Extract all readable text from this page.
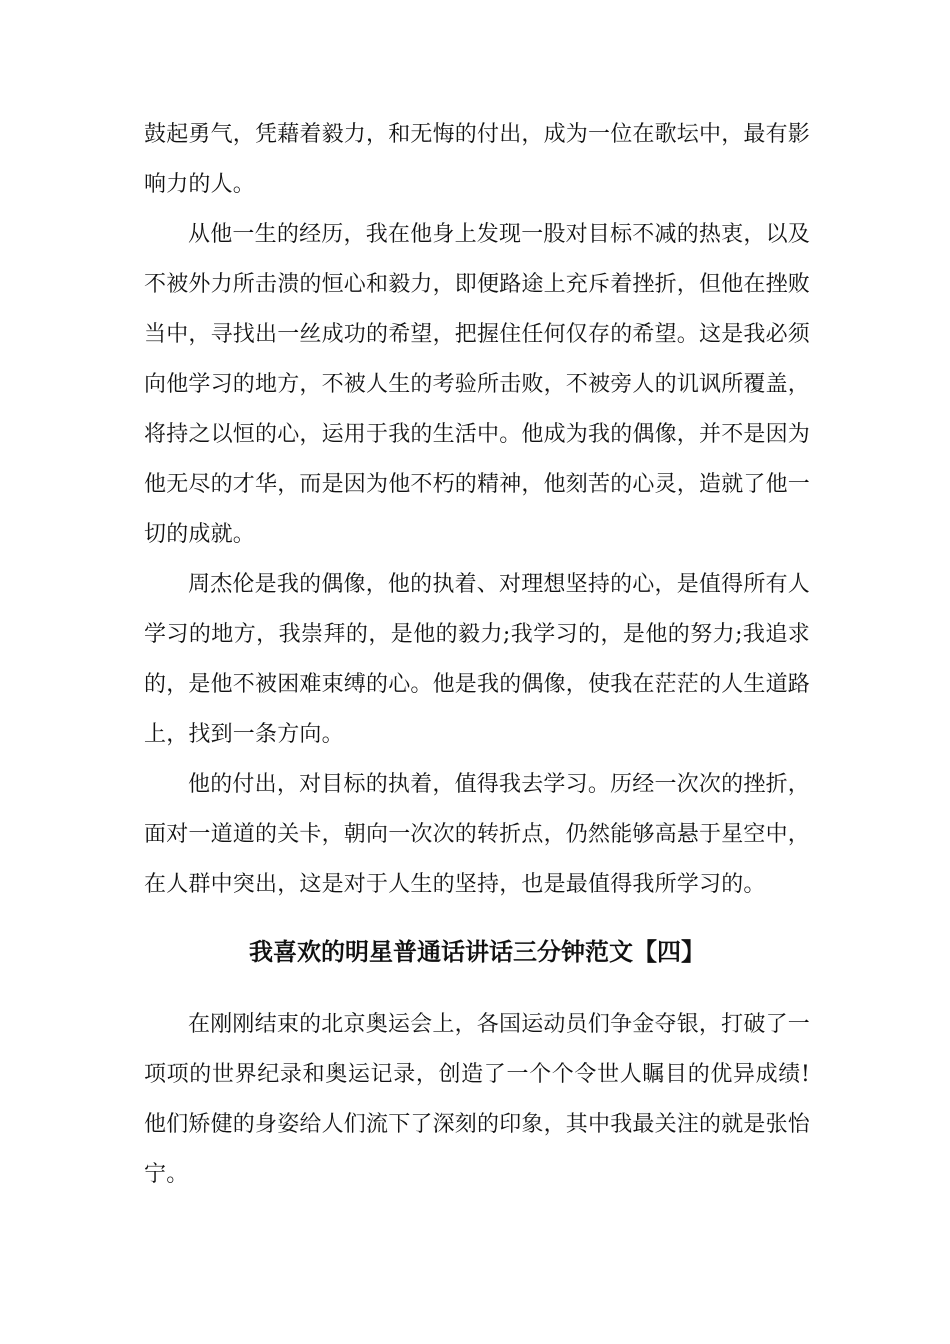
鼓起勇气，凭藉着毅力，和无悔的付出，成为一位在歌坛中，最有影响力的人。

从他一生的经历，我在他身上发现一股对目标不减的热衷，以及不被外力所击溃的恒心和毅力，即便路途上充斥着挫折，但他在挫败当中，寻找出一丝成功的希望，把握住任何仅存的希望。这是我必须向他学习的地方，不被人生的考验所击败，不被旁人的讥讽所覆盖，将持之以恒的心，运用于我的生活中。他成为我的偶像，并不是因为他无尽的才华，而是因为他不朽的精神，他刻苦的心灵，造就了他一切的成就。

周杰伦是我的偶像，他的执着、对理想坚持的心，是值得所有人学习的地方，我崇拜的，是他的毅力;我学习的，是他的努力;我追求的，是他不被困难束缚的心。他是我的偶像，使我在茫茫的人生道路上，找到一条方向。

他的付出，对目标的执着，值得我去学习。历经一次次的挫折，面对一道道的关卡，朝向一次次的转折点，仍然能够高悬于星空中，在人群中突出，这是对于人生的坚持，也是最值得我所学习的。

我喜欢的明星普通话讲话三分钟范文【四】

在刚刚结束的北京奥运会上，各国运动员们争金夺银，打破了一项项的世界纪录和奥运记录，创造了一个个令世人瞩目的优异成绩!他们矫健的身姿给人们流下了深刻的印象，其中我最关注的就是张怡宁。
